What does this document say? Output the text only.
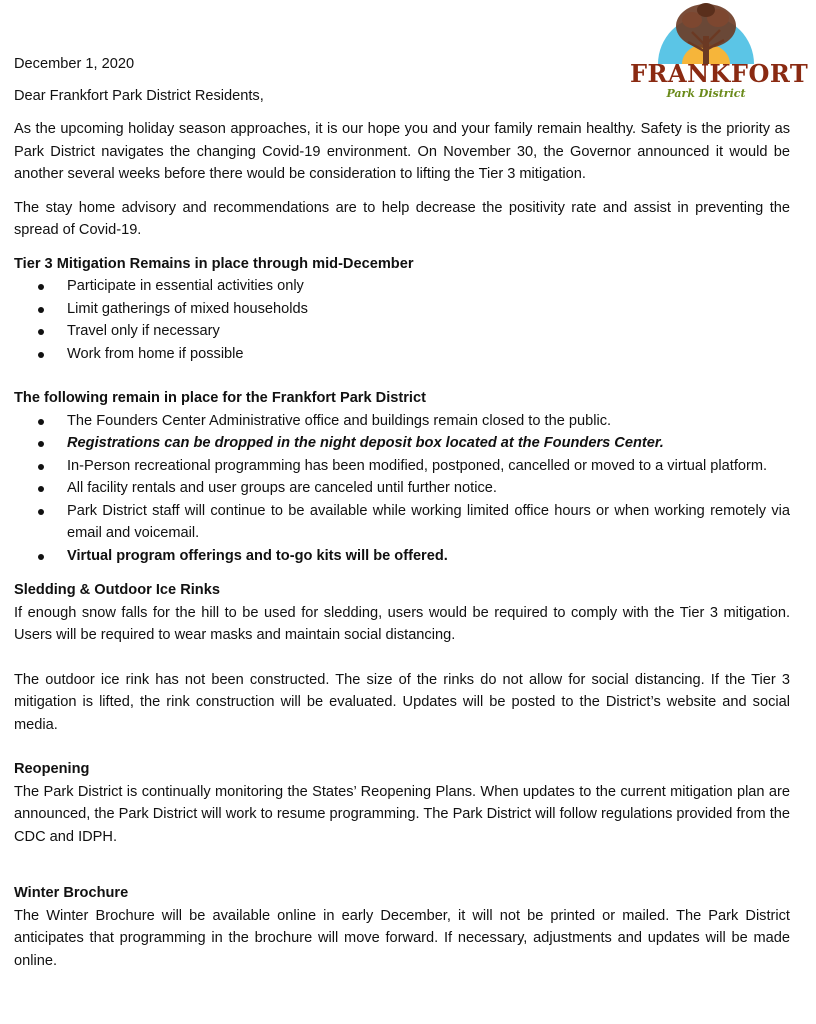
FRANKFORT
Park District

December 1, 2020

Dear Frankfort Park District Residents,

As the upcoming holiday season approaches, it is our hope you and your family remain healthy. Safety is the priority as Park District navigates the changing Covid-19 environment. On November 30, the Governor announced it would be another several weeks before there would be consideration to lifting the Tier 3 mitigation.

The stay home advisory and recommendations are to help decrease the positivity rate and assist in preventing the spread of Covid-19.

Tier 3 Mitigation Remains in place through mid-December

Participate in essential activities only
Limit gatherings of mixed households
Travel only if necessary
Work from home if possible

The following remain in place for the Frankfort Park District

The Founders Center Administrative office and buildings remain closed to the public.
Registrations can be dropped in the night deposit box located at the Founders Center.
In-Person recreational programming has been modified, postponed, cancelled or moved to a virtual platform.
All facility rentals and user groups are canceled until further notice.
Park District staff will continue to be available while working limited office hours or when working remotely via email and voicemail.
Virtual program offerings and to-go kits will be offered.

Sledding & Outdoor Ice Rinks

If enough snow falls for the hill to be used for sledding, users would be required to comply with the Tier 3 mitigation. Users will be required to wear masks and maintain social distancing.

The outdoor ice rink has not been constructed. The size of the rinks do not allow for social distancing. If the Tier 3 mitigation is lifted, the rink construction will be evaluated. Updates will be posted to the District’s website and social media.

Reopening

The Park District is continually monitoring the States’ Reopening Plans. When updates to the current mitigation plan are announced, the Park District will work to resume programming. The Park District will follow regulations provided from the CDC and IDPH.

Winter Brochure

The Winter Brochure will be available online in early December, it will not be printed or mailed. The Park District anticipates that programming in the brochure will move forward. If necessary, adjustments and updates will be made online.
